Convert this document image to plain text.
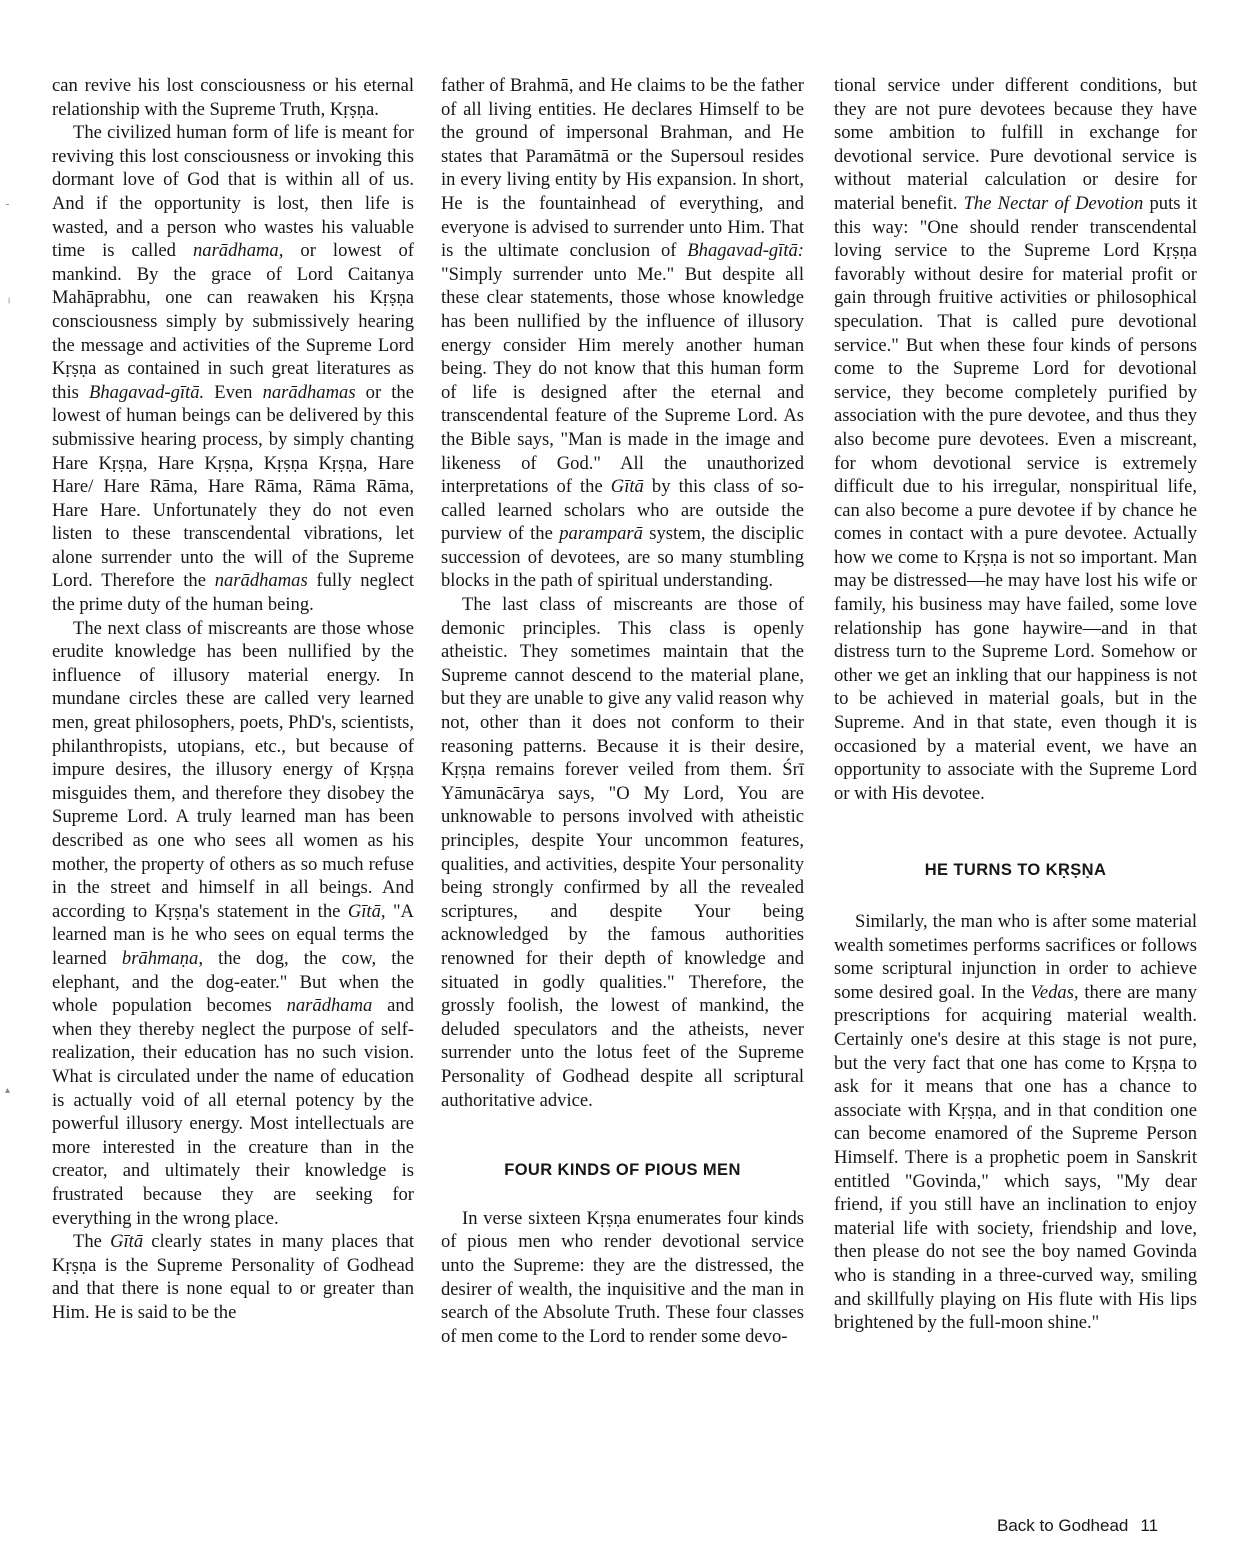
can revive his lost consciousness or his eternal relationship with the Supreme Truth, Kṛṣṇa.

The civilized human form of life is meant for reviving this lost consciousness or invoking this dormant love of God that is within all of us. And if the opportunity is lost, then life is wasted, and a person who wastes his valuable time is called narādhama, or lowest of mankind. By the grace of Lord Caitanya Mahāprabhu, one can reawaken his Kṛṣṇa consciousness simply by submissively hearing the message and activities of the Supreme Lord Kṛṣṇa as contained in such great literatures as this Bhagavad-gītā. Even narādhamas or the lowest of human beings can be delivered by this submissive hearing process, by simply chanting Hare Kṛṣṇa, Hare Kṛṣṇa, Kṛṣṇa Kṛṣṇa, Hare Hare/ Hare Rāma, Hare Rāma, Rāma Rāma, Hare Hare. Unfortunately they do not even listen to these transcendental vibrations, let alone surrender unto the will of the Supreme Lord. Therefore the narādhamas fully neglect the prime duty of the human being.

The next class of miscreants are those whose erudite knowledge has been nullified by the influence of illusory material energy. In mundane circles these are called very learned men, great philosophers, poets, PhD's, scientists, philanthropists, utopians, etc., but because of impure desires, the illusory energy of Kṛṣṇa misguides them, and therefore they disobey the Supreme Lord. A truly learned man has been described as one who sees all women as his mother, the property of others as so much refuse in the street and himself in all beings. And according to Kṛṣṇa's statement in the Gītā, "A learned man is he who sees on equal terms the learned brāhmaṇa, the dog, the cow, the elephant, and the dog-eater." But when the whole population becomes narādhama and when they thereby neglect the purpose of self-realization, their education has no such vision. What is circulated under the name of education is actually void of all eternal potency by the powerful illusory energy. Most intellectuals are more interested in the creature than in the creator, and ultimately their knowledge is frustrated because they are seeking for everything in the wrong place.

The Gītā clearly states in many places that Kṛṣṇa is the Supreme Personality of Godhead and that there is none equal to or greater than Him. He is said to be the

father of Brahmā, and He claims to be the father of all living entities. He declares Himself to be the ground of impersonal Brahman, and He states that Paramātmā or the Supersoul resides in every living entity by His expansion. In short, He is the fountainhead of everything, and everyone is advised to surrender unto Him. That is the ultimate conclusion of Bhagavad-gītā: "Simply surrender unto Me." But despite all these clear statements, those whose knowledge has been nullified by the influence of illusory energy consider Him merely another human being. They do not know that this human form of life is designed after the eternal and transcendental feature of the Supreme Lord. As the Bible says, "Man is made in the image and likeness of God." All the unauthorized interpretations of the Gītā by this class of so-called learned scholars who are outside the purview of the paramparā system, the disciplic succession of devotees, are so many stumbling blocks in the path of spiritual understanding.

The last class of miscreants are those of demonic principles. This class is openly atheistic. They sometimes maintain that the Supreme cannot descend to the material plane, but they are unable to give any valid reason why not, other than it does not conform to their reasoning patterns. Because it is their desire, Kṛṣṇa remains forever veiled from them. Śrī Yāmunācārya says, "O My Lord, You are unknowable to persons involved with atheistic principles, despite Your uncommon features, qualities, and activities, despite Your personality being strongly confirmed by all the revealed scriptures, and despite Your being acknowledged by the famous authorities renowned for their depth of knowledge and situated in godly qualities." Therefore, the grossly foolish, the lowest of mankind, the deluded speculators and the atheists, never surrender unto the lotus feet of the Supreme Personality of Godhead despite all scriptural authoritative advice.

FOUR KINDS OF PIOUS MEN

In verse sixteen Kṛṣṇa enumerates four kinds of pious men who render devotional service unto the Supreme: they are the distressed, the desirer of wealth, the inquisitive and the man in search of the Absolute Truth. These four classes of men come to the Lord to render some devo-

tional service under different conditions, but they are not pure devotees because they have some ambition to fulfill in exchange for devotional service. Pure devotional service is without material calculation or desire for material benefit. The Nectar of Devotion puts it this way: "One should render transcendental loving service to the Supreme Lord Kṛṣṇa favorably without desire for material profit or gain through fruitive activities or philosophical speculation. That is called pure devotional service." But when these four kinds of persons come to the Supreme Lord for devotional service, they become completely purified by association with the pure devotee, and thus they also become pure devotees. Even a miscreant, for whom devotional service is extremely difficult due to his irregular, nonspiritual life, can also become a pure devotee if by chance he comes in contact with a pure devotee. Actually how we come to Kṛṣṇa is not so important. Man may be distressed—he may have lost his wife or family, his business may have failed, some love relationship has gone haywire—and in that distress turn to the Supreme Lord. Somehow or other we get an inkling that our happiness is not to be achieved in material goals, but in the Supreme. And in that state, even though it is occasioned by a material event, we have an opportunity to associate with the Supreme Lord or with His devotee.

HE TURNS TO KṚṢṆA

Similarly, the man who is after some material wealth sometimes performs sacrifices or follows some scriptural injunction in order to achieve some desired goal. In the Vedas, there are many prescriptions for acquiring material wealth. Certainly one's desire at this stage is not pure, but the very fact that one has come to Kṛṣṇa to ask for it means that one has a chance to associate with Kṛṣṇa, and in that condition one can become enamored of the Supreme Person Himself. There is a prophetic poem in Sanskrit entitled "Govinda," which says, "My dear friend, if you still have an inclination to enjoy material life with society, friendship and love, then please do not see the boy named Govinda who is standing in a three-curved way, smiling and skillfully playing on His flute with His lips brightened by the full-moon shine."

Back to Godhead 11
╴
╷
▴
